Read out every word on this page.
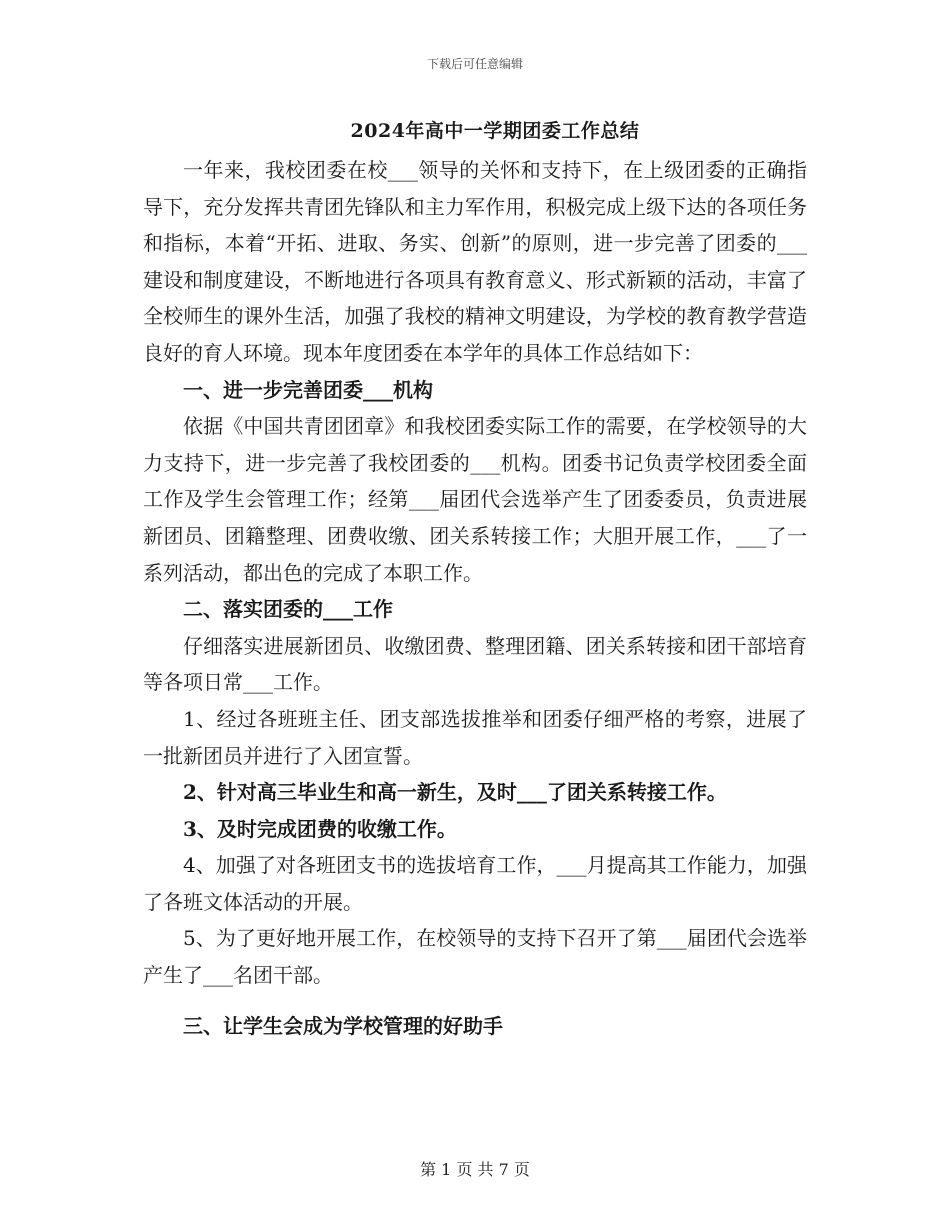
下载后可任意编辑
2024年高中一学期团委工作总结

一年来，我校团委在校___领导的关怀和支持下，在上级团委的正确指导下，充分发挥共青团先锋队和主力军作用，积极完成上级下达的各项任务和指标，本着“开拓、进取、务实、创新”的原则，进一步完善了团委的___建设和制度建设，不断地进行各项具有教育意义、形式新颖的活动，丰富了全校师生的课外生活，加强了我校的精神文明建设，为学校的教育教学营造良好的育人环境。现本年度团委在本学年的具体工作总结如下：

一、进一步完善团委___机构

依据《中国共青团团章》和我校团委实际工作的需要，在学校领导的大力支持下，进一步完善了我校团委的___机构。团委书记负责学校团委全面工作及学生会管理工作；经第___届团代会选举产生了团委委员，负责进展新团员、团籍整理、团费收缴、团关系转接工作；大胆开展工作，___了一系列活动，都出色的完成了本职工作。

二、落实团委的___工作

仔细落实进展新团员、收缴团费、整理团籍、团关系转接和团干部培育等各项日常___工作。

1、经过各班班主任、团支部选拔推举和团委仔细严格的考察，进展了一批新团员并进行了入团宣誓。

2、针对高三毕业生和高一新生，及时___了团关系转接工作。

3、及时完成团费的收缴工作。

4、加强了对各班团支书的选拔培育工作，___月提高其工作能力，加强了各班文体活动的开展。

5、为了更好地开展工作，在校领导的支持下召开了第___届团代会选举产生了___名团干部。

三、让学生会成为学校管理的好助手

第 1 页 共 7 页
